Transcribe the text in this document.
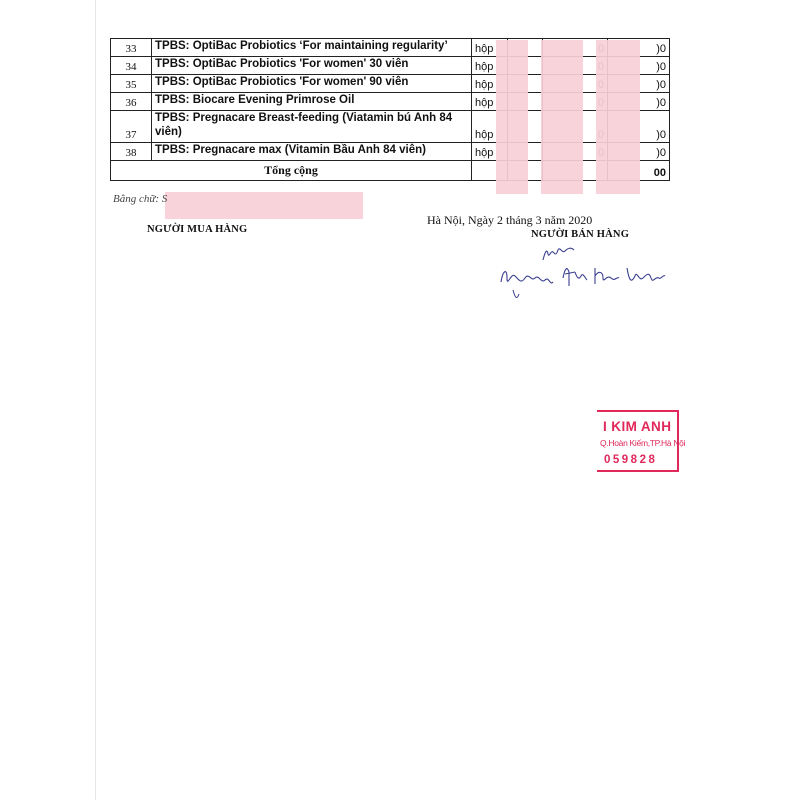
33	TPBS: OptiBac Probiotics ‘For maintaining regularity’	hộp			)0
34	TPBS: OptiBac Probiotics 'For women' 30 viên	hộp			)0
35	TPBS: OptiBac Probiotics 'For women' 90 viên	hộp			)0
36	TPBS: Biocare Evening Primrose Oil	hộp			)0
37	TPBS: Pregnacare Breast-feeding (Viatamin bú Anh 84 viên)	hộp			)0
38	TPBS: Pregnacare max (Vitamin Bầu Anh 84 viên)	hộp			)0
Tổng cộng					00
Bằng chữ: S
Hà Nội, Ngày 2 tháng 3 năm 2020
NGƯỜI MUA HÀNG	NGƯỜI BÁN HÀNG
I KIM ANH
Q.Hoàn Kiếm,TP.Hà Nội
059828
